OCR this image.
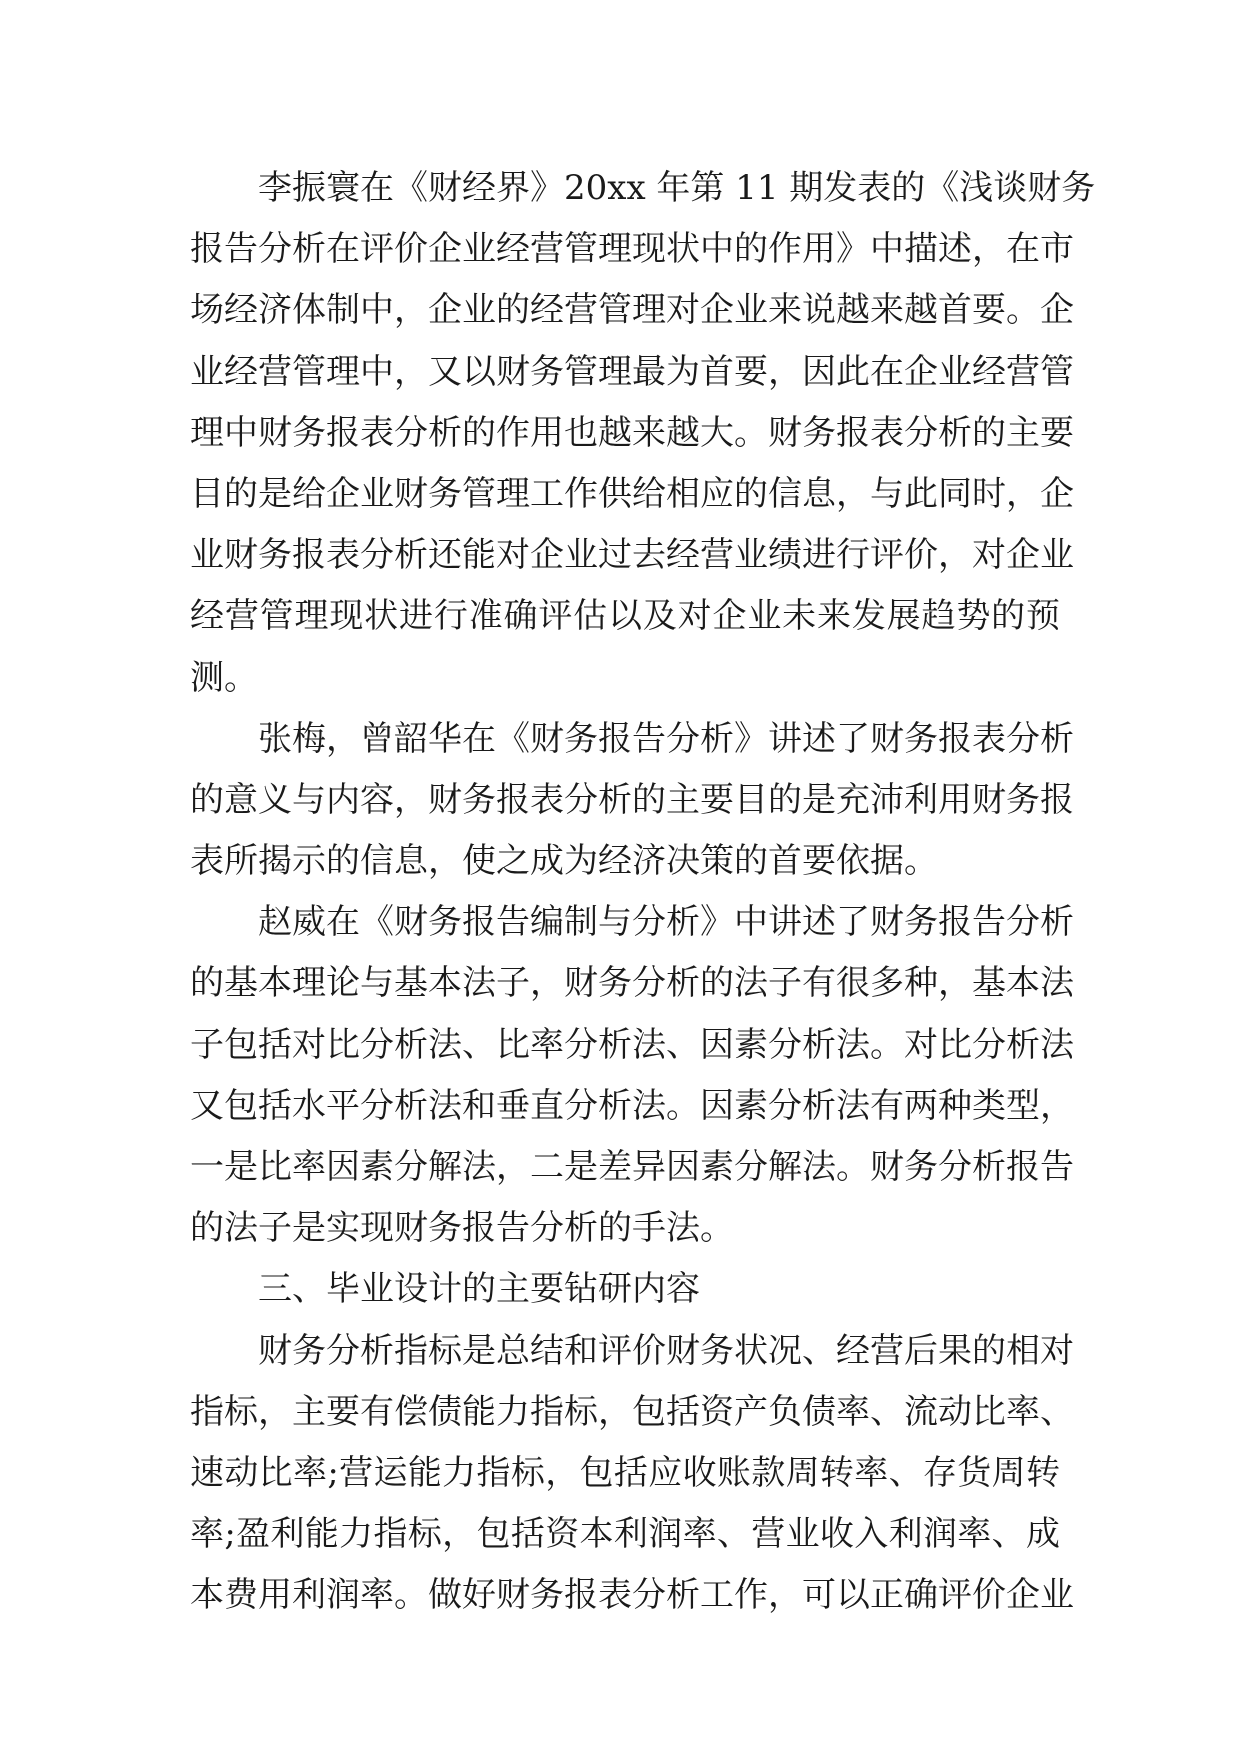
李振寰在《财经界》20xx 年第 11 期发表的《浅谈财务
报告分析在评价企业经营管理现状中的作用》中描述，在市
场经济体制中，企业的经营管理对企业来说越来越首要。企
业经营管理中，又以财务管理最为首要，因此在企业经营管
理中财务报表分析的作用也越来越大。财务报表分析的主要
目的是给企业财务管理工作供给相应的信息，与此同时，企
业财务报表分析还能对企业过去经营业绩进行评价，对企业
经营管理现状进行准确评估以及对企业未来发展趋势的预
测。
张梅，曾韶华在《财务报告分析》讲述了财务报表分析
的意义与内容，财务报表分析的主要目的是充沛利用财务报
表所揭示的信息，使之成为经济决策的首要依据。
赵威在《财务报告编制与分析》中讲述了财务报告分析
的基本理论与基本法子，财务分析的法子有很多种，基本法
子包括对比分析法、比率分析法、因素分析法。对比分析法
又包括水平分析法和垂直分析法。因素分析法有两种类型，
一是比率因素分解法，二是差异因素分解法。财务分析报告
的法子是实现财务报告分析的手法。
三、毕业设计的主要钻研内容
财务分析指标是总结和评价财务状况、经营后果的相对
指标，主要有偿债能力指标，包括资产负债率、流动比率、
速动比率;营运能力指标，包括应收账款周转率、存货周转
率;盈利能力指标，包括资本利润率、营业收入利润率、成
本费用利润率。做好财务报表分析工作，可以正确评价企业
